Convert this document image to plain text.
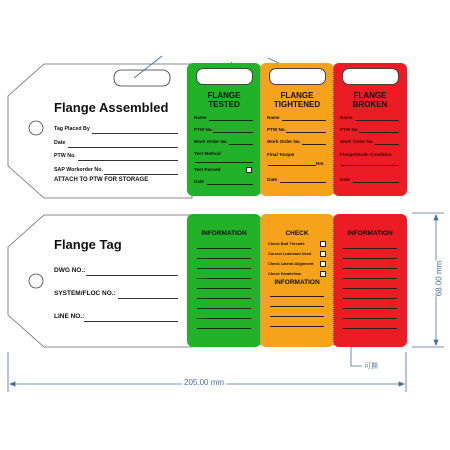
Flange Assembled
Tag Placed By
Date
PTW No.
SAP Workorder No.
ATTACH TO PTW FOR STORAGE
FLANGE
TESTED
Name
PTW No.
Work Order No.
Test Method
Test Passed
Date
FLANGE
TIGHTENED
Name
PTW No.
Work Order No.
Final Torque
Nm
Date
FLANGE
BROKEN
Name
PTW No.
Work Order No.
Flange/Studs Condition
Date
Flange Tag
DWG NO.:
SYSTEM/FLOC NO.:
LINE NO.:
INFORMATION	CHECK
Check Bolt Threads
Correct Lubricant Used
Check Lateral Alignment
Check Parallelism
INFORMATION
INFORMATION
205.00 mm
68.00 mm
可撕
